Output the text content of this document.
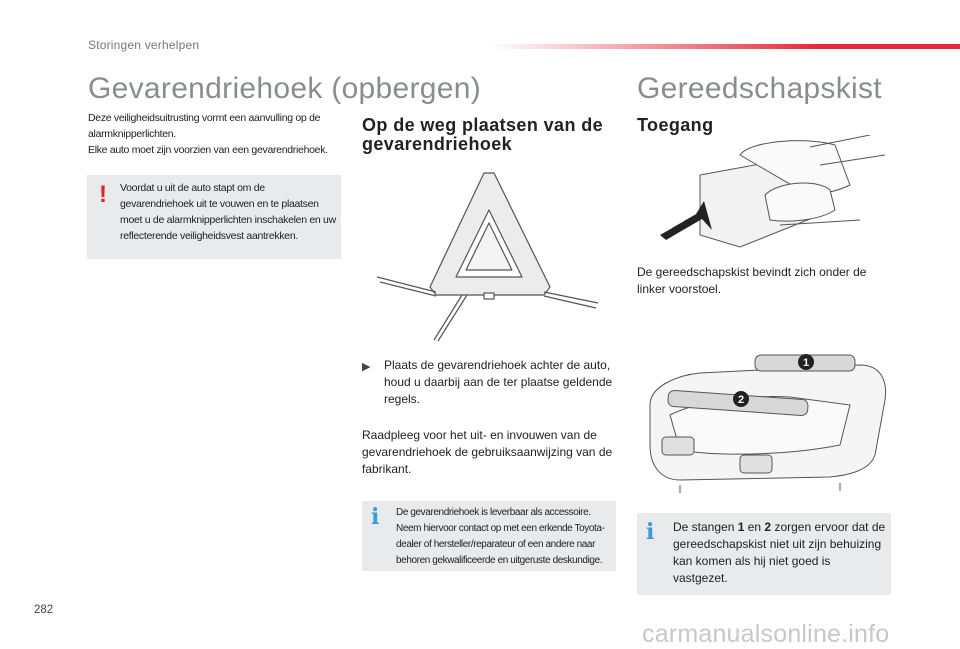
Storingen verhelpen
Gevarendriehoek (opbergen)
Deze veiligheidsuitrusting vormt een aanvulling op de alarmknipperlichten.
Elke auto moet zijn voorzien van een gevarendriehoek.
! Voordat u uit de auto stapt om de gevarendriehoek uit te vouwen en te plaatsen moet u de alarmknipperlichten inschakelen en uw reflecterende veiligheidsvest aantrekken.
Op de weg plaatsen van de gevarendriehoek
▶ Plaats de gevarendriehoek achter de auto, houd u daarbij aan de ter plaatse geldende regels.
Raadpleeg voor het uit- en invouwen van de gevarendriehoek de gebruiksaanwijzing van de fabrikant.
i De gevarendriehoek is leverbaar als accessoire. Neem hiervoor contact op met een erkende Toyota-dealer of hersteller/reparateur of een andere naar behoren gekwalificeerde en uitgeruste deskundige.
Gereedschapskist
Toegang
De gereedschapskist bevindt zich onder de linker voorstoel.
1
2
i De stangen 1 en 2 zorgen ervoor dat de gereedschapskist niet uit zijn behuizing kan komen als hij niet goed is vastgezet.
282
carmanualsonline.info
